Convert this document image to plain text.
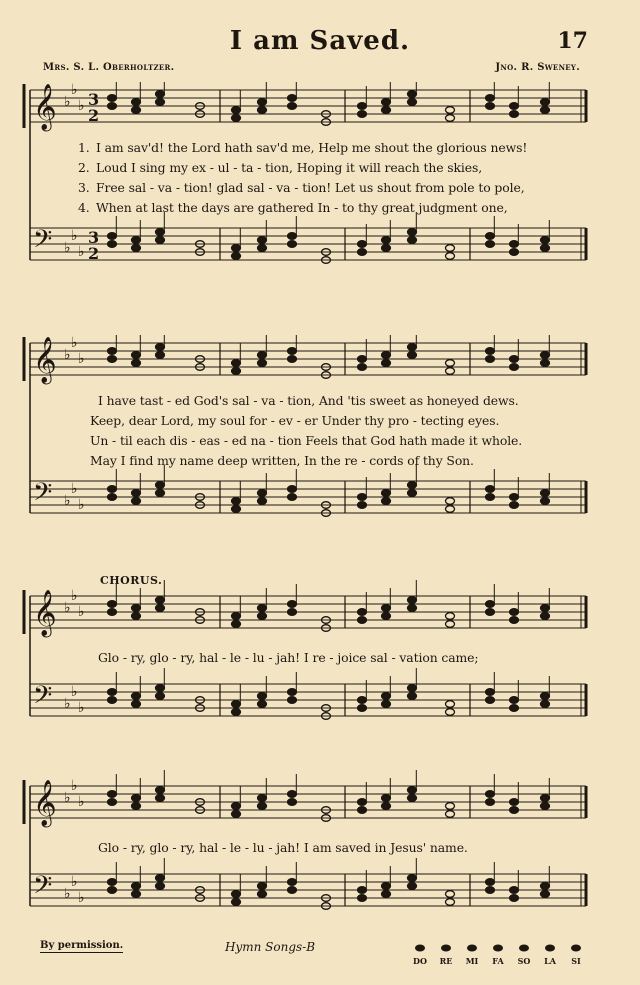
I am Saved.	17
Mrs. S. L. Oberholtzer.	Jno. R. Sweney.
𝄞 ♭
♭
♭ 3
2
𝄢 ♭
♭
♭
3
2
1. I am sav'd! the Lord hath sav'd me, Help me shout the glorious news!
2. Loud I sing my ex - ul - ta - tion, Hoping it will reach the skies,
3. Free sal - va - tion! glad sal - va - tion! Let us shout from pole to pole,
4. When at last the days are gathered In - to thy great judgment one,
𝄞 ♭
♭
♭
𝄢 ♭
♭
♭
I have tast - ed God's sal - va - tion, And 'tis sweet as honeyed dews.
Keep, dear Lord, my soul for - ev - er Under thy pro - tecting eyes.
Un - til each dis - eas - ed na - tion Feels that God hath made it whole.
May I find my name deep written, In the re - cords of thy Son.
𝄞 ♭
♭
♭
𝄢 ♭
♭
♭
CHORUS.
Glo - ry, glo - ry, hal - le - lu - jah! I re - joice sal - vation came;
𝄞 ♭
♭
♭
𝄢 ♭
♭
♭
Glo - ry, glo - ry, hal - le - lu - jah! I am saved in Jesus' name.
By permission.	Hymn Songs-B
DO	RE	MI	FA	SO	LA	SI
